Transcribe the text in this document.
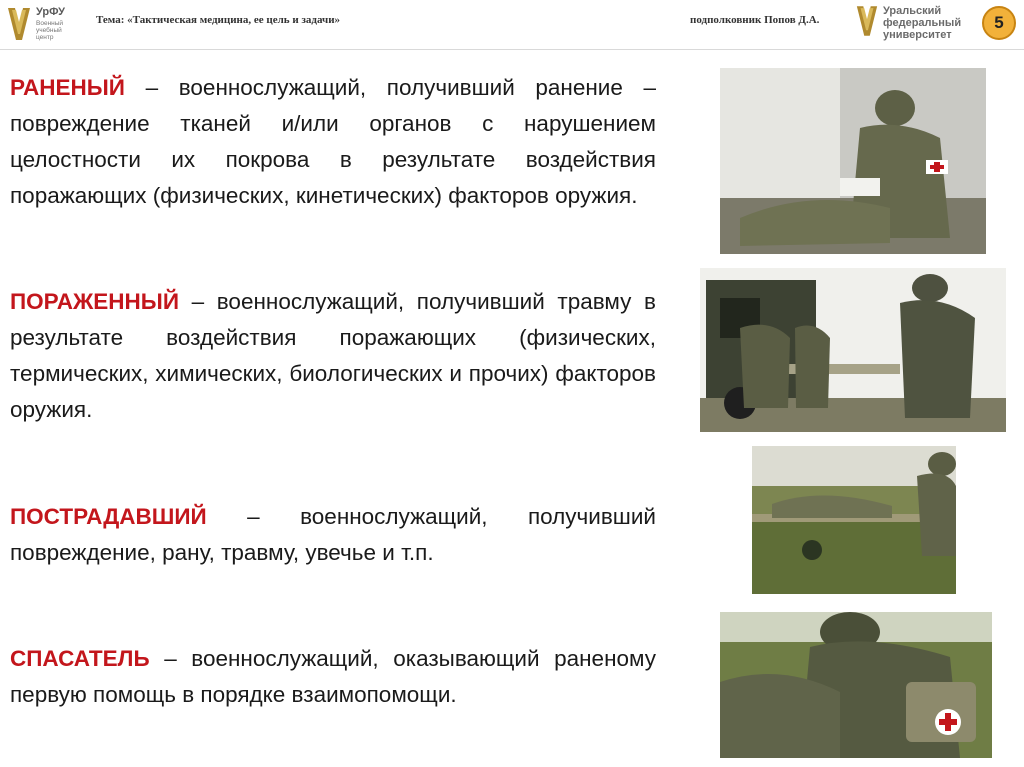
УрФУ
Военный учебный центр
Тема: «Тактическая медицина, ее цель и задачи»	подполковник Попов Д.А.
Уральский федеральный университет
5
РАНЕНЫЙ – военнослужащий, получивший ранение – повреждение тканей и/или органов с нарушением целостности их покрова в результате воздействия поражающих (физических, кинетических) факторов оружия.
ПОРАЖЕННЫЙ – военнослужащий, получивший травму в результате воздействия поражающих (физических, термических, химических, биологических и прочих) факторов оружия.
ПОСТРАДАВШИЙ – военнослужащий, получивший повреждение, рану, травму, увечье и т.п.
СПАСАТЕЛЬ – военнослужащий, оказывающий раненому первую помощь в порядке взаимопомощи.
